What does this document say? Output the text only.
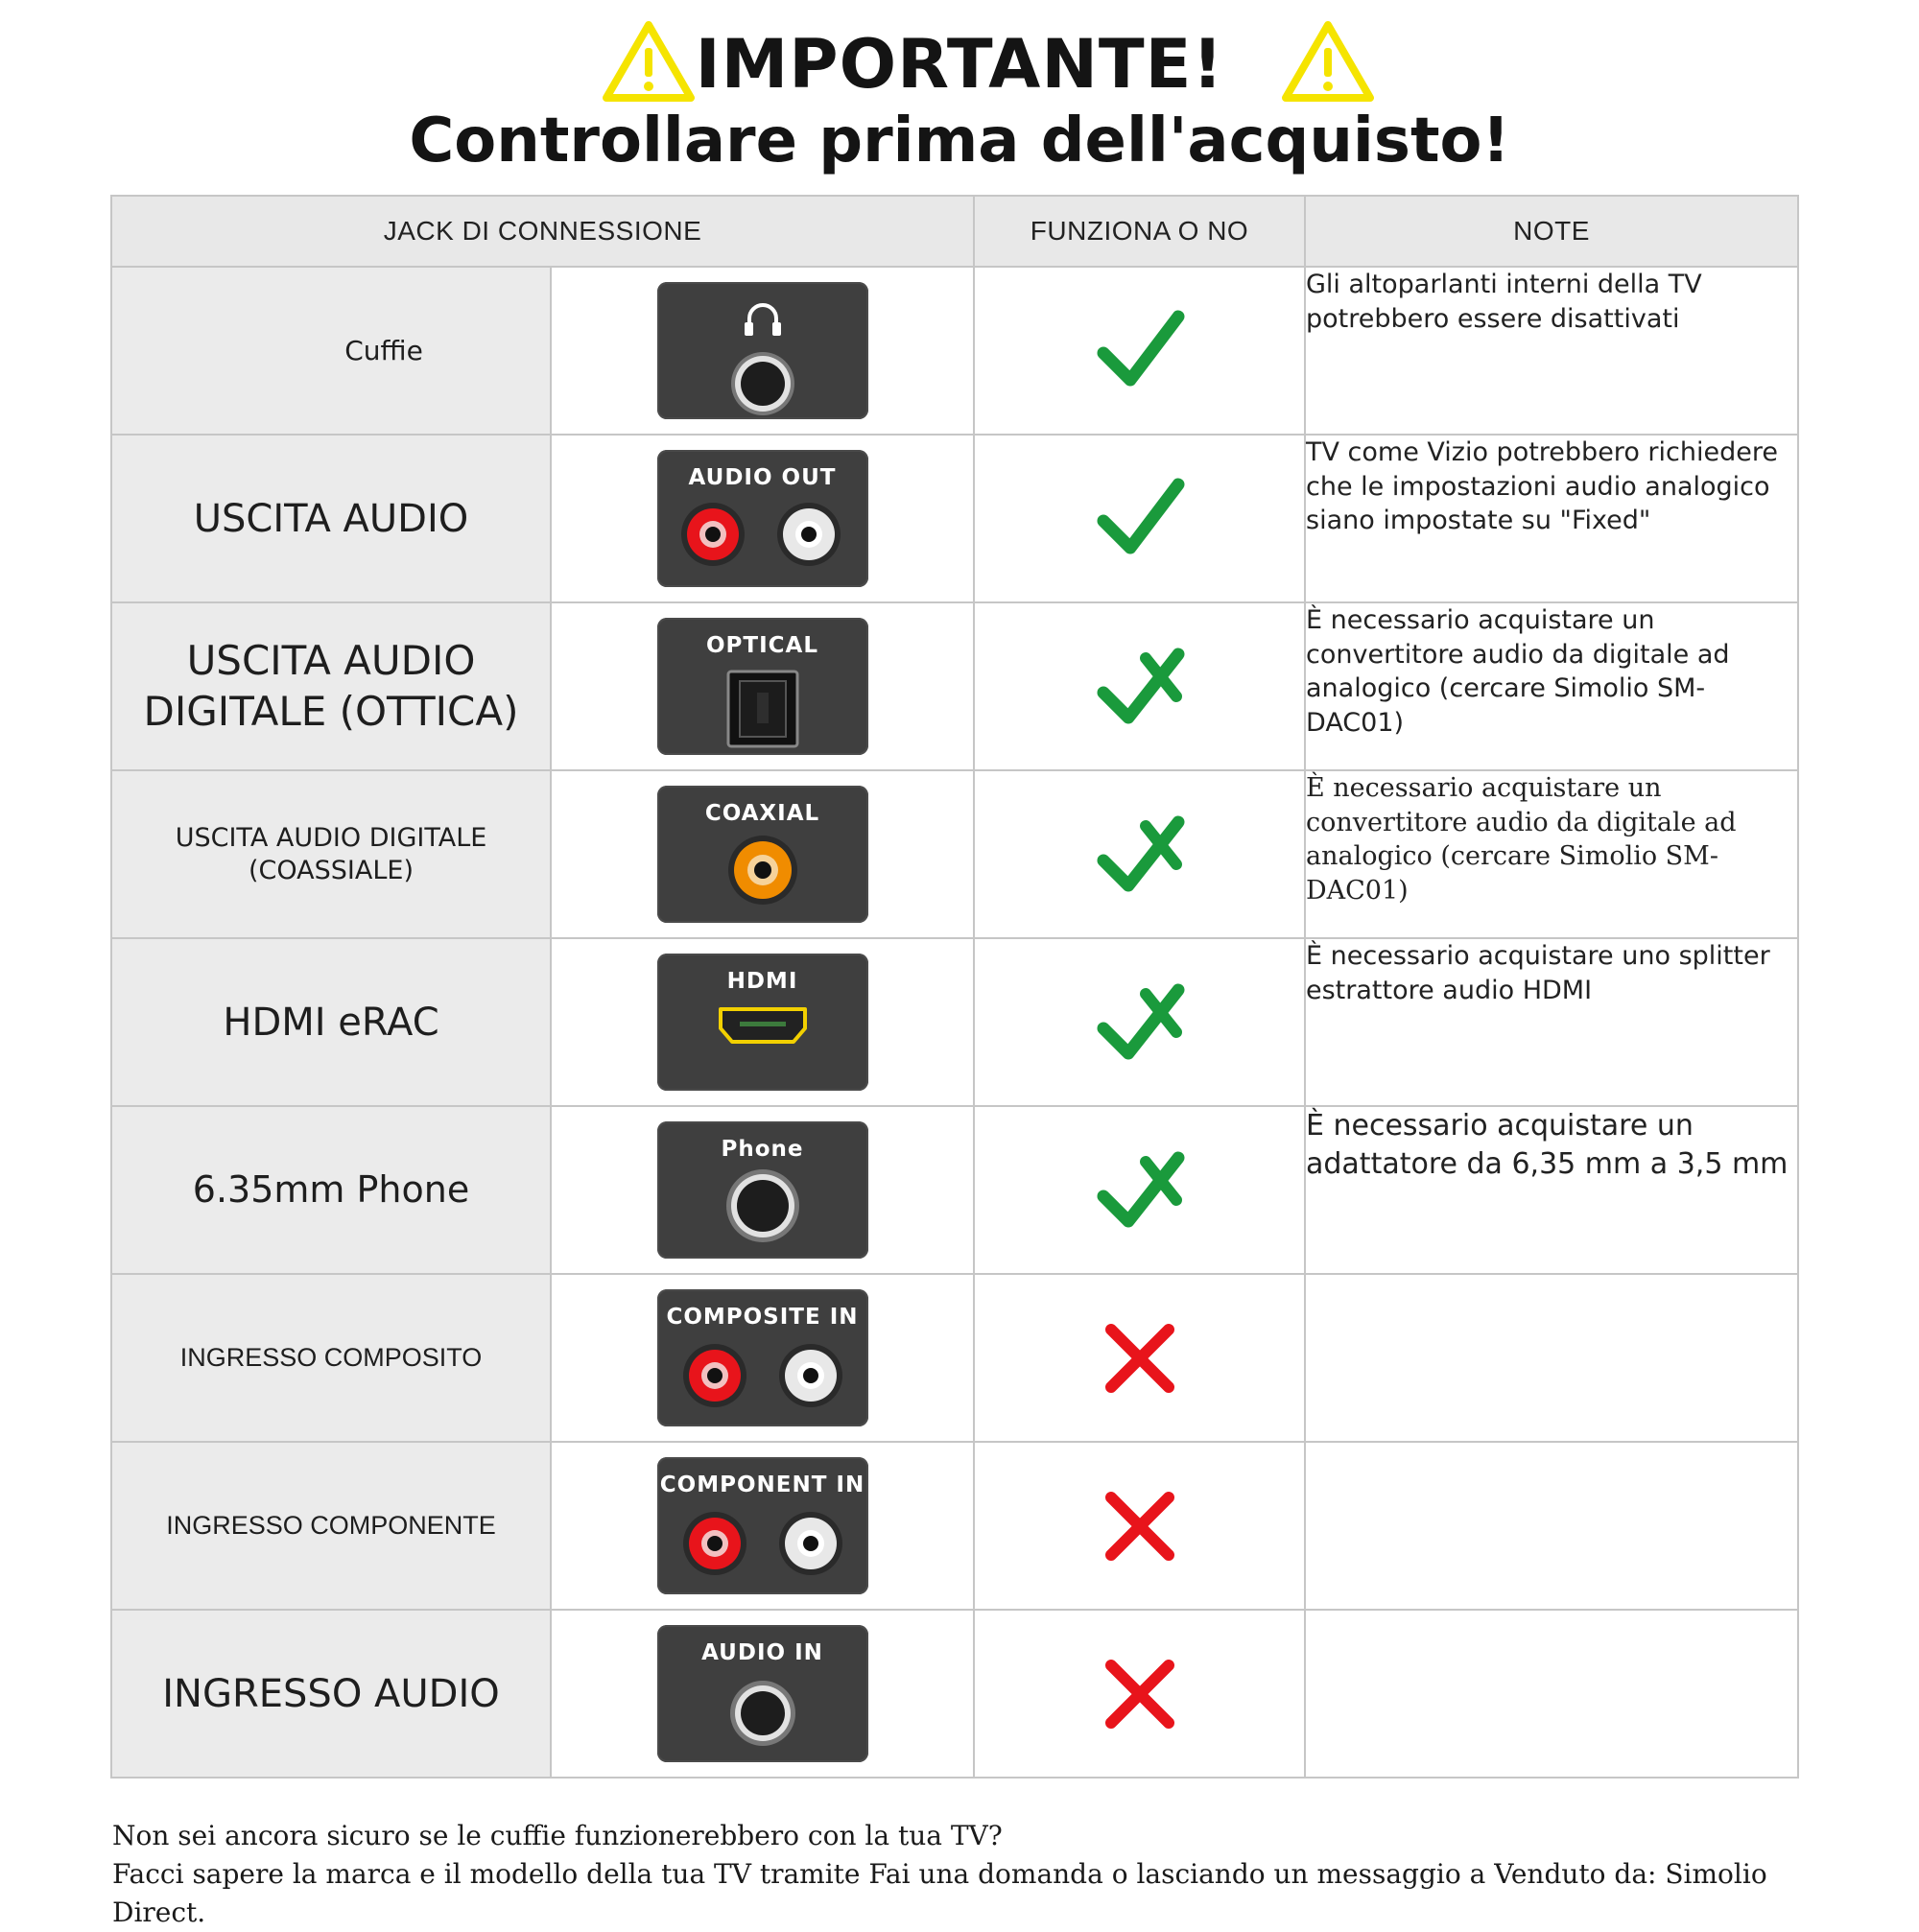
IMPORTANTE!
Controllare prima dell'acquisto!
JACK DI CONNESSIONE		FUNZIONA O NO	NOTE
Cuffie			Gli altoparlanti interni della TV potrebbero essere disattivati
USCITA AUDIO	AUDIO OUT		TV come Vizio potrebbero richiedere che le impostazioni audio analogico siano impostate su "Fixed"
USCITA AUDIO DIGITALE (OTTICA)	OPTICAL		È necessario acquistare un convertitore audio da digitale ad analogico (cercare Simolio SM-DAC01)
USCITA AUDIO DIGITALE (COASSIALE)	COAXIAL		È necessario acquistare un convertitore audio da digitale ad analogico (cercare Simolio SM-DAC01)
HDMI eRAC	HDMI		È necessario acquistare uno splitter estrattore audio HDMI
6.35mm Phone	Phone		È necessario acquistare un adattatore da 6,35 mm a 3,5 mm
INGRESSO COMPOSITO	COMPOSITE IN

INGRESSO COMPONENTE	COMPONENT IN

INGRESSO AUDIO	AUDIO IN

Non sei ancora sicuro se le cuffie funzionerebbero con la tua TV?

Facci sapere la marca e il modello della tua TV tramite Fai una domanda o lasciando un messaggio a Venduto da: Simolio Direct.
